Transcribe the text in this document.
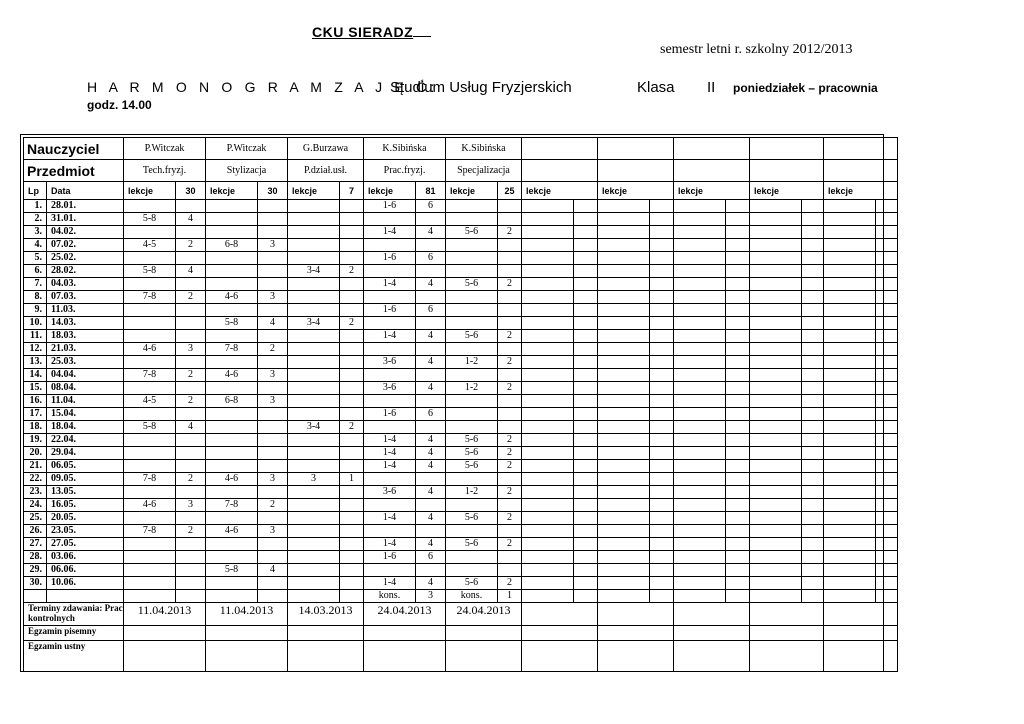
CKU SIERADZ
semestr letni r. szkolny 2012/2013
H A R M O N O G R A M Z A J Ę Ć:
Studium Usług Fryzjerskich	Klasa II poniedziałek – pracownia
godz. 14.00
Nauczyciel		P.Witczak		P.Witczak		G.Burzawa		K.Sibińska		K.Sibińska											
Przedmiot		Tech.fryzj.		Stylizacja		P.dział.usł.		Prac.fryzj.		Specjalizacja											
Lp	Data	lekcje	30	lekcje	30	lekcje	7	lekcje	81	lekcje	25	lekcje		lekcje		lekcje		lekcje		lekcje	
1.	28.01.							1-6	6												
2.	31.01.	5-8	4																		
3.	04.02.							1-4	4	5-6	2										
4.	07.02.	4-5	2	6-8	3																
5.	25.02.							1-6	6												
6.	28.02.	5-8	4			3-4	2														
7.	04.03.							1-4	4	5-6	2										
8.	07.03.	7-8	2	4-6	3																
9.	11.03.							1-6	6												
10.	14.03.			5-8	4	3-4	2														
11.	18.03.							1-4	4	5-6	2										
12.	21.03.	4-6	3	7-8	2																
13.	25.03.							3-6	4	1-2	2										
14.	04.04.	7-8	2	4-6	3																
15.	08.04.							3-6	4	1-2	2										
16.	11.04.	4-5	2	6-8	3																
17.	15.04.							1-6	6												
18.	18.04.	5-8	4			3-4	2														
19.	22.04.							1-4	4	5-6	2										
20.	29.04.							1-4	4	5-6	2										
21.	06.05.							1-4	4	5-6	2										
22.	09.05.	7-8	2	4-6	3	3	1														
23.	13.05.							3-6	4	1-2	2										
24.	16.05.	4-6	3	7-8	2																
25.	20.05.							1-4	4	5-6	2										
26.	23.05.	7-8	2	4-6	3																
27.	27.05.							1-4	4	5-6	2										
28.	03.06.							1-6	6												
29.	06.06.			5-8	4																
30.	10.06.							1-4	4	5-6	2										
								kons.	3	kons.	1										
Terminy zdawania: Prac kontrolnych		11.04.2013		11.04.2013		14.03.2013		24.04.2013		24.04.2013											
Egzamin pisemny																					
Egzamin ustny																					
